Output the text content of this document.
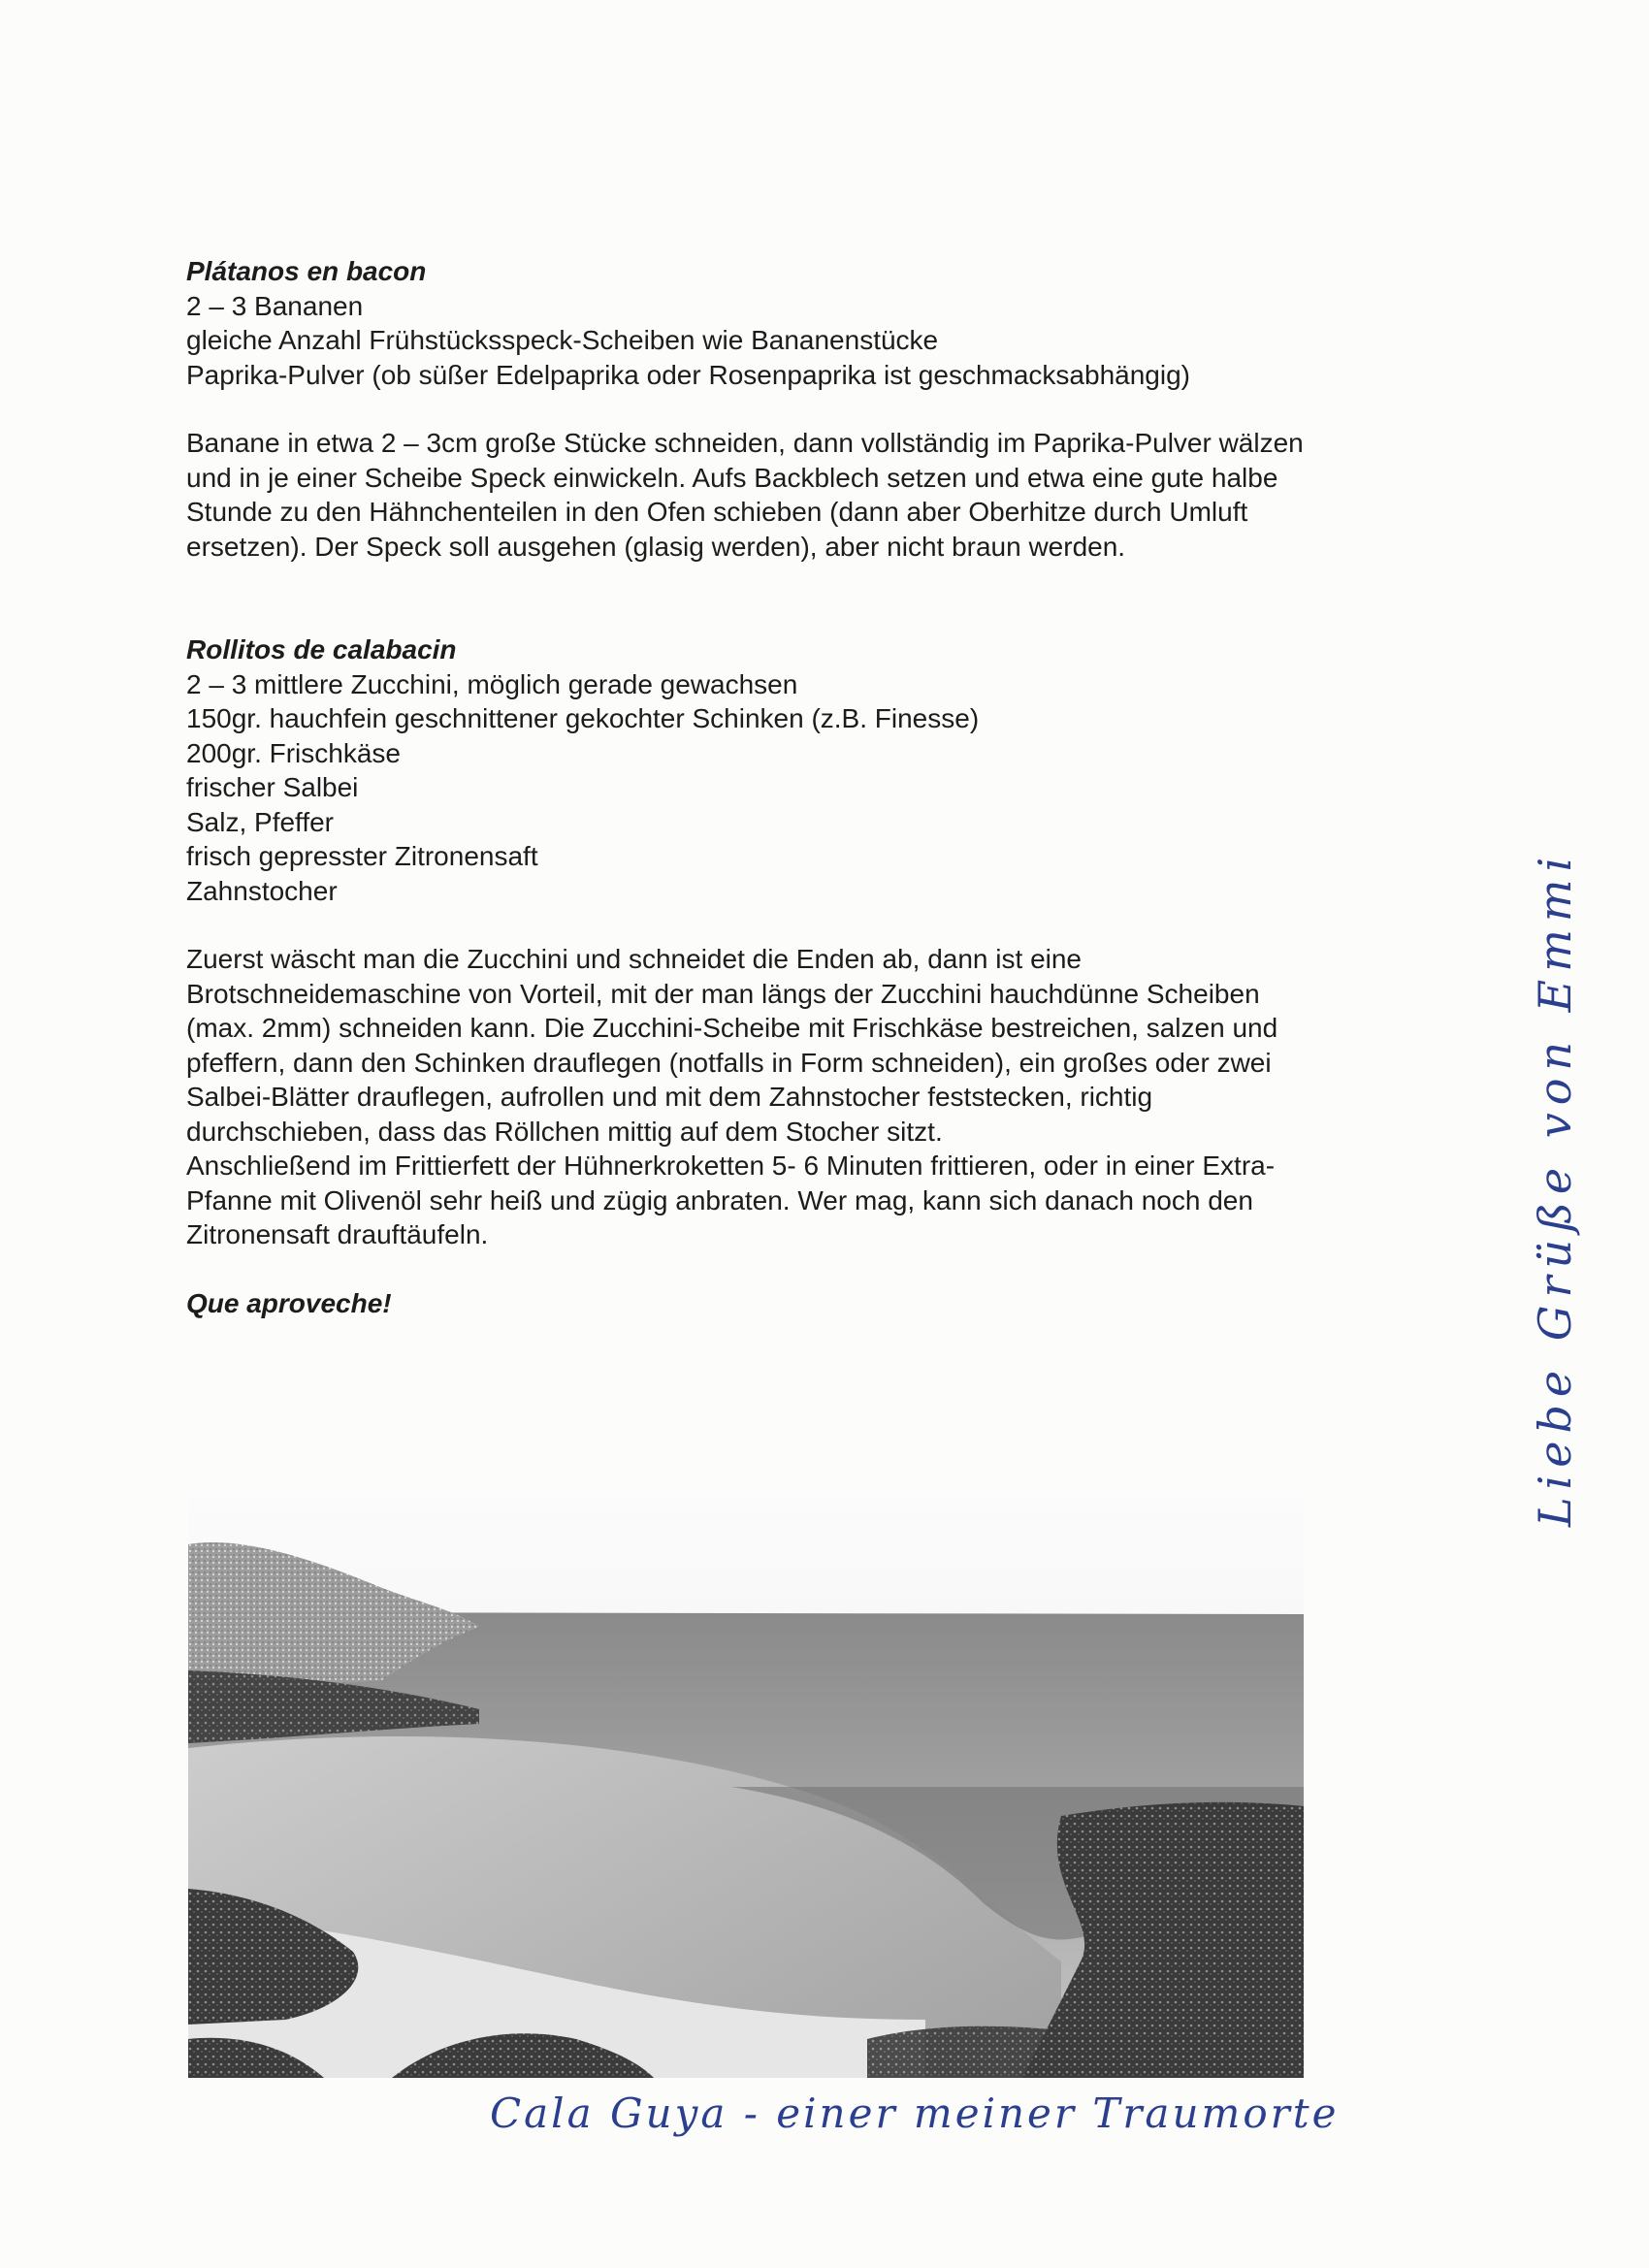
Plátanos en bacon

2 – 3 Bananen

gleiche Anzahl Frühstücksspeck-Scheiben wie Bananenstücke

Paprika-Pulver (ob süßer Edelpaprika oder Rosenpaprika ist geschmacksabhängig)

Banane in etwa 2 – 3cm große Stücke schneiden, dann vollständig im Paprika-Pulver wälzen

und in je einer Scheibe Speck einwickeln. Aufs Backblech setzen und etwa eine gute halbe

Stunde zu den Hähnchenteilen in den Ofen schieben (dann aber Oberhitze durch Umluft

ersetzen). Der Speck soll ausgehen (glasig werden), aber nicht braun werden.

Rollitos de calabacin

2 – 3 mittlere Zucchini, möglich gerade gewachsen

150gr. hauchfein geschnittener gekochter Schinken (z.B. Finesse)

200gr. Frischkäse

frischer Salbei

Salz, Pfeffer

frisch gepresster Zitronensaft

Zahnstocher

Zuerst wäscht man die Zucchini und schneidet die Enden ab, dann ist eine

Brotschneidemaschine von Vorteil, mit der man längs der Zucchini hauchdünne Scheiben

(max. 2mm) schneiden kann. Die Zucchini-Scheibe mit Frischkäse bestreichen, salzen und

pfeffern, dann den Schinken drauflegen (notfalls in Form schneiden), ein großes oder zwei

Salbei-Blätter drauflegen, aufrollen und mit dem Zahnstocher feststecken, richtig

durchschieben, dass das Röllchen mittig auf dem Stocher sitzt.

Anschließend im Frittierfett der Hühnerkroketten 5- 6 Minuten frittieren, oder in einer Extra-

Pfanne mit Olivenöl sehr heiß und zügig anbraten. Wer mag, kann sich danach noch den

Zitronensaft drauftäufeln.

Que aproveche!

Cala Guya - einer meiner Traumorte
Liebe Grüße von Emmi
